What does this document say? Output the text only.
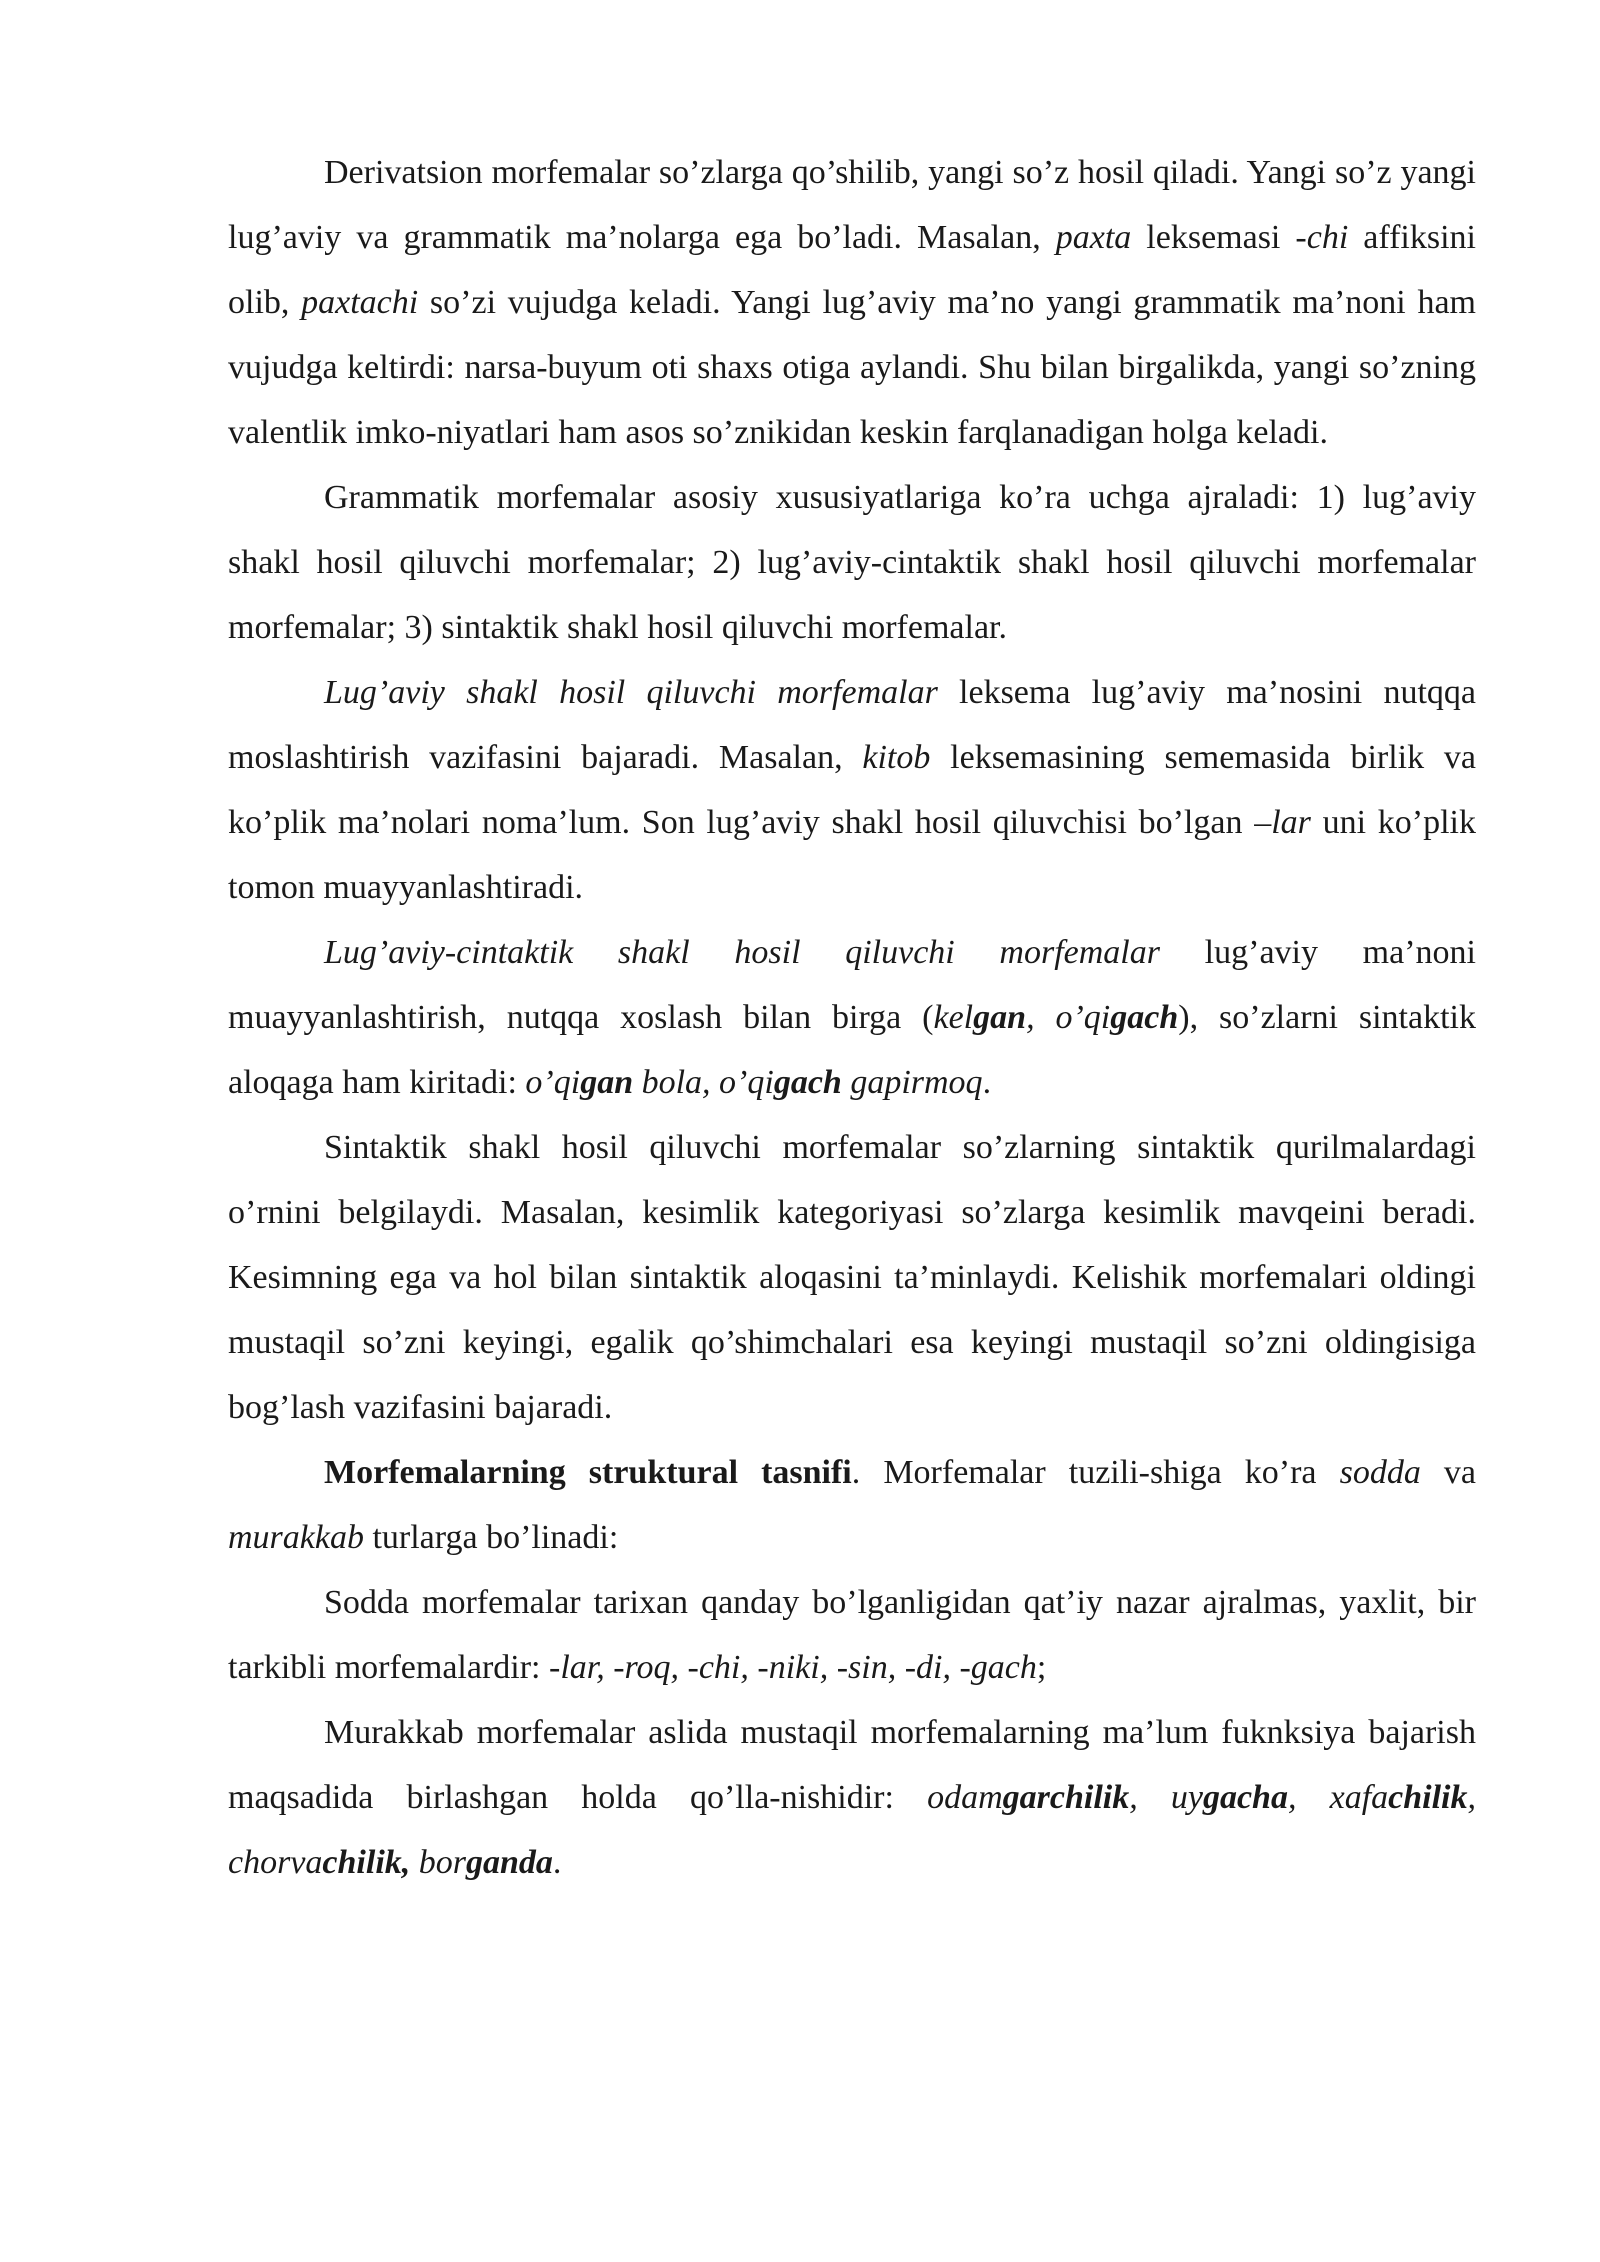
Derivatsion morfemalar so’zlarga qo’shilib, yangi so’z hosil qiladi. Yangi so’z yangi lug’aviy va grammatik ma’nolarga ega bo’ladi. Masalan, paxta leksemasi -chi affiksini olib, paxtachi so’zi vujudga keladi. Yangi lug’aviy ma’no yangi grammatik ma’noni ham vujudga keltirdi: narsa-buyum oti shaxs otiga aylandi. Shu bilan birgalikda, yangi so’zning valentlik imko-niyatlari ham asos so’znikidan keskin farqlanadigan holga keladi.

Grammatik morfemalar asosiy xususiyatlariga ko’ra uchga ajraladi: 1) lug’aviy shakl hosil qiluvchi morfemalar; 2) lug’aviy-cintaktik shakl hosil qiluvchi morfemalar morfemalar; 3) sintaktik shakl hosil qiluvchi morfemalar.

Lug’aviy shakl hosil qiluvchi morfemalar leksema lug’aviy ma’nosini nutqqa moslashtirish vazifasini bajaradi. Masalan, kitob leksemasining sememasida birlik va ko’plik ma’nolari noma’lum. Son lug’aviy shakl hosil qiluvchisi bo’lgan –lar uni ko’plik tomon muayyanlashtiradi.

Lug’aviy-cintaktik shakl hosil qiluvchi morfemalar lug’aviy ma’noni muayyanlashtirish, nutqqa xoslash bilan birga (kelgan, o’qigach), so’zlarni sintaktik aloqaga ham kiritadi: o’qigan bola, o’qigach gapirmoq.

Sintaktik shakl hosil qiluvchi morfemalar so’zlarning sintaktik qurilmalardagi o’rnini belgilaydi. Masalan, kesimlik kategoriyasi so’zlarga kesimlik mavqeini beradi. Kesimning ega va hol bilan sintaktik aloqasini ta’minlaydi. Kelishik morfemalari oldingi mustaqil so’zni keyingi, egalik qo’shimchalari esa keyingi mustaqil so’zni oldingisiga bog’lash vazifasini bajaradi.

Morfemalarning struktural tasnifi. Morfemalar tuzili-shiga ko’ra sodda va murakkab turlarga bo’linadi:

Sodda morfemalar tarixan qanday bo’lganligidan qat’iy nazar ajralmas, yaxlit, bir tarkibli morfemalardir: -lar, -roq, -chi, -niki, -sin, -di, -gach;

Murakkab morfemalar aslida mustaqil morfemalarning ma’lum fuknksiya bajarish maqsadida birlashgan holda qo’lla-nishidir: odamgarchilik, uygacha, xafachilik, chorvachilik, borganda.
